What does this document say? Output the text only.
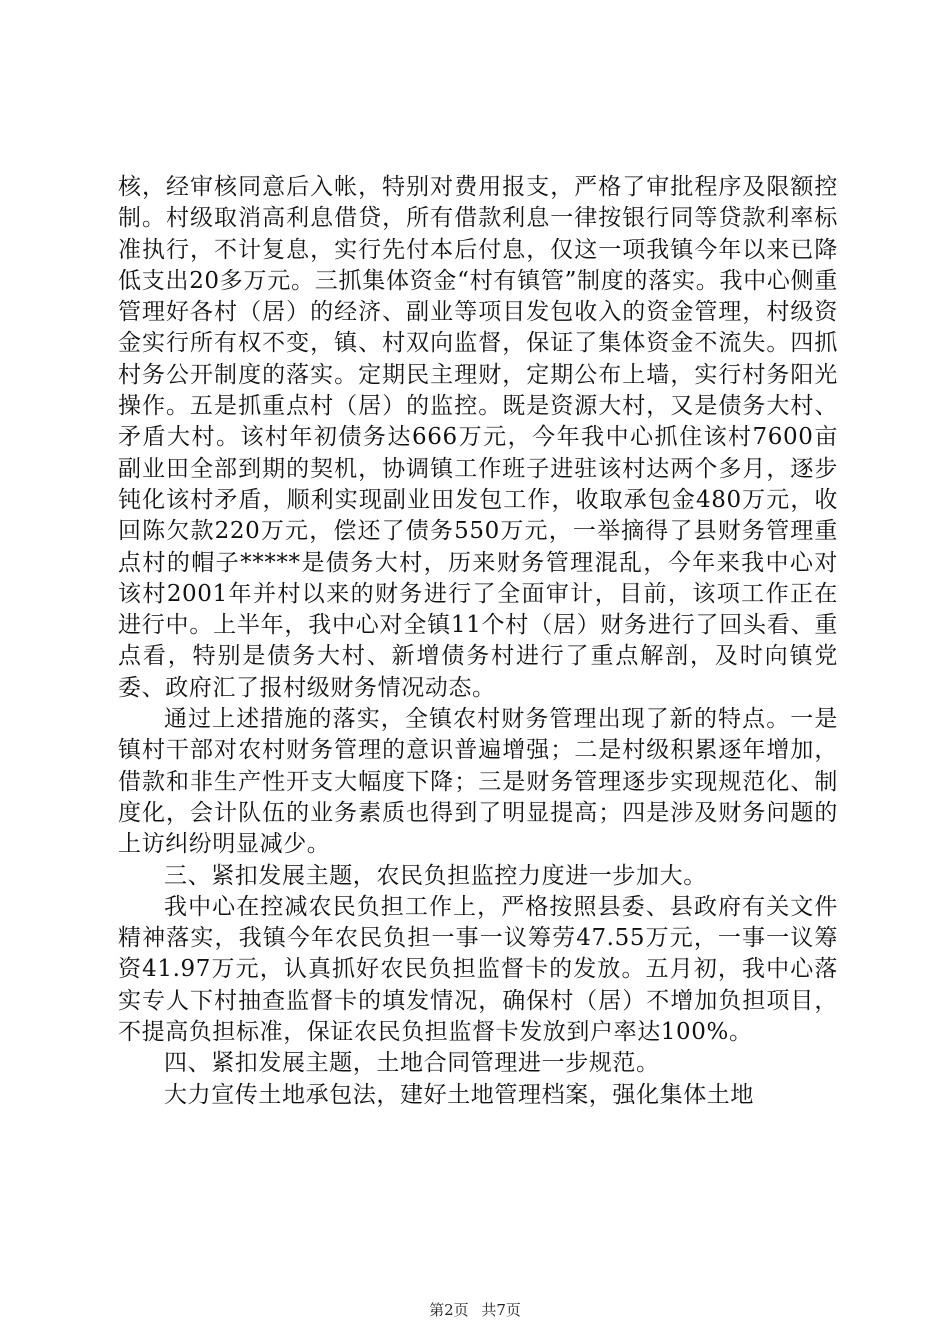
核，经审核同意后入帐，特别对费用报支，严格了审批程序及限额控制。村级取消高利息借贷，所有借款利息一律按银行同等贷款利率标准执行，不计复息，实行先付本后付息，仅这一项我镇今年以来已降低支出20多万元。三抓集体资金“村有镇管”制度的落实。我中心侧重管理好各村（居）的经济、副业等项目发包收入的资金管理，村级资金实行所有权不变，镇、村双向监督，保证了集体资金不流失。四抓村务公开制度的落实。定期民主理财，定期公布上墙，实行村务阳光操作。五是抓重点村（居）的监控。既是资源大村，又是债务大村、矛盾大村。该村年初债务达666万元，今年我中心抓住该村7600亩副业田全部到期的契机，协调镇工作班子进驻该村达两个多月，逐步钝化该村矛盾，顺利实现副业田发包工作，收取承包金480万元，收回陈欠款220万元，偿还了债务550万元，一举摘得了县财务管理重点村的帽子*****是债务大村，历来财务管理混乱，今年来我中心对该村2001年并村以来的财务进行了全面审计，目前，该项工作正在进行中。上半年，我中心对全镇11个村（居）财务进行了回头看、重点看，特别是债务大村、新增债务村进行了重点解剖，及时向镇党委、政府汇了报村级财务情况动态。

通过上述措施的落实，全镇农村财务管理出现了新的特点。一是镇村干部对农村财务管理的意识普遍增强；二是村级积累逐年增加，借款和非生产性开支大幅度下降；三是财务管理逐步实现规范化、制度化，会计队伍的业务素质也得到了明显提高；四是涉及财务问题的上访纠纷明显减少。

三、紧扣发展主题，农民负担监控力度进一步加大。

我中心在控减农民负担工作上，严格按照县委、县政府有关文件精神落实，我镇今年农民负担一事一议筹劳47.55万元，一事一议筹资41.97万元，认真抓好农民负担监督卡的发放。五月初，我中心落实专人下村抽查监督卡的填发情况，确保村（居）不增加负担项目，不提高负担标准，保证农民负担监督卡发放到户率达100%。

四、紧扣发展主题，土地合同管理进一步规范。

大力宣传土地承包法，建好土地管理档案，强化集体土地

第2页 共7页
